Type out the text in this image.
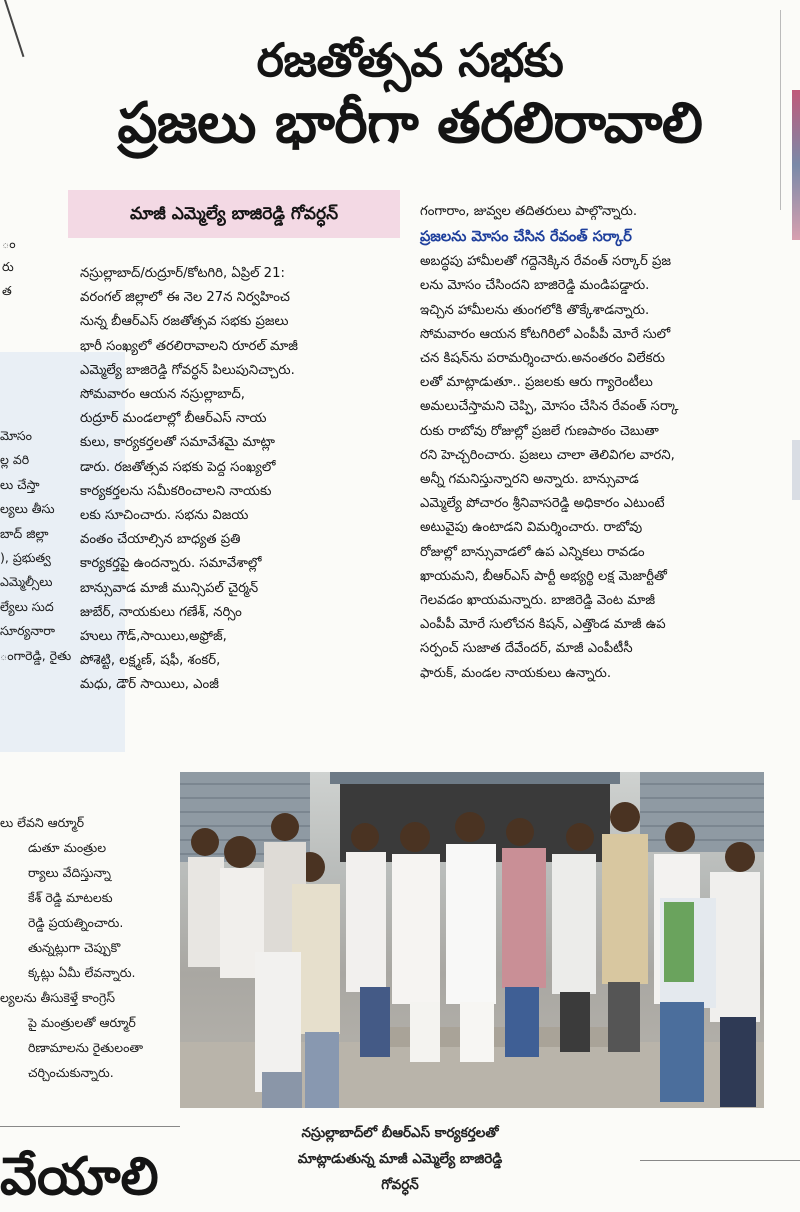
ం
రు
త
మోసం
ల్ల వరి
లు చేస్తా
ల్యలు తీసు
బాద్ జిల్లా
), ప్రభుత్వ
ఎమ్మెల్సీలు
ల్యేలు సుద
సూర్యనారా
ంగారెడ్డి, రైతు
లు లేవని ఆర్మూర్
డుతూ మంత్రుల
ర్యాలు వేదిస్తున్నా
కేశ్ రెడ్డి మాటలకు
రెడ్డి ప్రయత్నించారు.
తున్నట్లుగా చెప్పుకొ
క్కట్లు ఏమీ లేవన్నారు.
ల్యలను తీసుకెళ్తే కాంగ్రెస్
పై మంత్రులతో ఆర్మూర్
రిణామాలను రైతులంతా
చర్చించుకున్నారు.
వేయాలి
రజతోత్సవ సభకు
ప్రజలు భారీగా తరలిరావాలి
మాజీ ఎమ్మెల్యే బాజిరెడ్డి గోవర్ధన్

నస్రుల్లాబాద్/రుద్రూర్/కోటగిరి, ఏప్రిల్ 21:

వరంగల్ జిల్లాలో ఈ నెల 27న నిర్వహించ

నున్న బీఆర్ఎస్ రజతోత్సవ సభకు ప్రజలు

భారీ సంఖ్యలో తరలిరావాలని రూరల్ మాజీ

ఎమ్మెల్యే బాజిరెడ్డి గోవర్ధన్ పిలుపునిచ్చారు.

సోమవారం ఆయన నస్రుల్లాబాద్,

రుద్రూర్ మండలాల్లో బీఆర్ఎస్ నాయ

కులు, కార్యకర్తలతో సమావేశమై మాట్లా

డారు. రజతోత్సవ సభకు పెద్ద సంఖ్యలో

కార్యకర్తలను సమీకరించాలని నాయకు

లకు సూచించారు. సభను విజయ

వంతం చేయాల్సిన బాధ్యత ప్రతి

కార్యకర్తపై ఉందన్నారు. సమావేశాల్లో

బాన్సువాడ మాజీ మున్సిపల్ చైర్మన్

జుబేర్, నాయకులు గణేశ్, నర్సిం

హులు గౌడ్,సాయిలు,అఫ్రోజ్,

పోశెట్టి, లక్ష్మణ్, షఫీ, శంకర్,

మధు, డౌర్ సాయిలు, ఎంజీ

గంగారాం, జువ్వల తదితరులు పాల్గొన్నారు.

ప్రజలను మోసం చేసిన రేవంత్ సర్కార్

అబద్ధపు హామీలతో గద్దెనెక్కిన రేవంత్ సర్కార్ ప్రజ

లను మోసం చేసిందని బాజిరెడ్డి మండిపడ్డారు.

ఇచ్చిన హామీలను తుంగలోకి తొక్కేశాడన్నారు.

సోమవారం ఆయన కోటగిరిలో ఎంపీపీ మోరే సులో

చన కిషన్‌ను పరామర్శించారు.అనంతరం విలేకరు

లతో మాట్లాడుతూ.. ప్రజలకు ఆరు గ్యారెంటీలు

అమలుచేస్తామని చెప్పి, మోసం చేసిన రేవంత్ సర్కా

రుకు రాబోవు రోజుల్లో ప్రజలే గుణపాఠం చెబుతా

రని హెచ్చరించారు. ప్రజలు చాలా తెలివిగల వారని,

అన్నీ గమనిస్తున్నారని అన్నారు. బాన్సువాడ

ఎమ్మెల్యే పోచారం శ్రీనివాసరెడ్డి అధికారం ఎటుంటే

అటువైపు ఉంటాడని విమర్శించారు. రాబోవు

రోజుల్లో బాన్సువాడలో ఉప ఎన్నికలు రావడం

ఖాయమని, బీఆర్ఎస్ పార్టీ అభ్యర్థి లక్ష మెజార్టీతో

గెలవడం ఖాయమన్నారు. బాజిరెడ్డి వెంట మాజీ

ఎంపీపీ మోరే సులోచన కిషన్, ఎత్తొండ మాజీ ఉప

సర్పంచ్ సుజాత దేవేందర్, మాజీ ఎంపీటీసీ

ఫారుక్, మండల నాయకులు ఉన్నారు.

నస్రుల్లాబాద్‌లో బీఆర్ఎస్ కార్యకర్తలతో
మాట్లాడుతున్న మాజీ ఎమ్మెల్యే బాజిరెడ్డి
గోవర్ధన్
